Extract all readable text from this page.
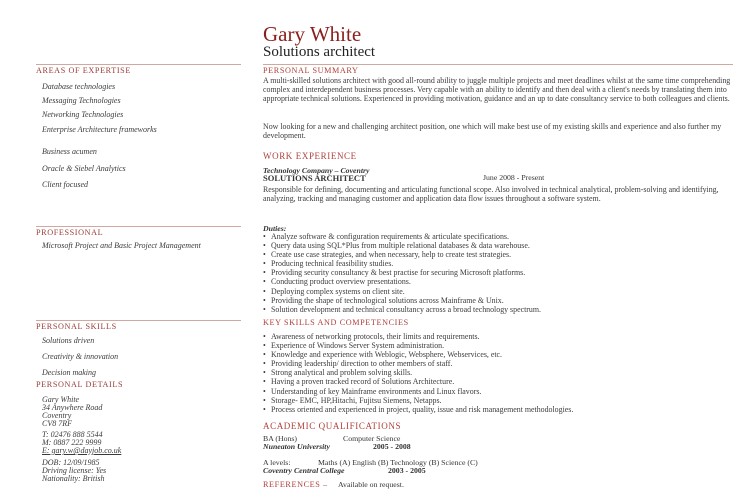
AREAS OF EXPERTISE
Database technologies
Messaging Technologies
Networking Technologies
Enterprise Architecture frameworks
Business acumen
Oracle & Siebel Analytics
Client focused
PROFESSIONAL
Microsoft Project and Basic Project Management
PERSONAL SKILLS
Solutions driven
Creativity & innovation
Decision making
PERSONAL DETAILS
Gary White
34 Anywhere Road
Coventry
CV8 7RF
T: 02476 888 5544
M: 0887 222 9999
E: gary.w@dayjob.co.uk
DOB: 12/09/1985
Driving license: Yes
Nationality: British
Gary White
Solutions architect
PERSONAL SUMMARY
A multi-skilled solutions architect with good all-round ability to juggle multiple projects and meet deadlines whilst at the same time comprehending complex and interdependent business processes. Very capable with an ability to identify and then deal with a client's needs by translating them into appropriate technical solutions. Experienced in providing motivation, guidance and an up to date consultancy service to both colleagues and clients.
Now looking for a new and challenging architect position, one which will make best use of my existing skills and experience and also further my development.
WORK EXPERIENCE
Technology Company – Coventry
SOLUTIONS ARCHITECT	June 2008 - Present
Responsible for defining, documenting and articulating functional scope. Also involved in technical analytical, problem-solving and identifying, analyzing, tracking and managing customer and application data flow issues throughout a software system.
Duties:
• Analyze software & configuration requirements & articulate specifications.
• Query data using SQL*Plus from multiple relational databases & data warehouse.
• Create use case strategies, and when necessary, help to create test strategies.
• Producing technical feasibility studies.
• Providing security consultancy & best practise for securing Microsoft platforms.
• Conducting product overview presentations.
• Deploying complex systems on client site.
• Providing the shape of technological solutions across Mainframe & Unix.
• Solution development and technical consultancy across a broad technology spectrum.
KEY SKILLS AND COMPETENCIES
• Awareness of networking protocols, their limits and requirements.
• Experience of Windows Server System administration.
• Knowledge and experience with Weblogic, Websphere, Webservices, etc.
• Providing leadership/ direction to other members of staff.
• Strong analytical and problem solving skills.
• Having a proven tracked record of Solutions Architecture.
• Understanding of key Mainframe environments and Linux flavors.
• Storage- EMC, HP,Hitachi, Fujitsu Siemens, Netapps.
• Process oriented and experienced in project, quality, issue and risk management methodologies.
ACADEMIC QUALIFICATIONS
BA (Hons)	Computer Science
Nuneaton University	2005 - 2008
A levels:	Maths (A) English (B) Technology (B) Science (C)
Coventry Central College	2003 - 2005
REFERENCES – Available on request.
